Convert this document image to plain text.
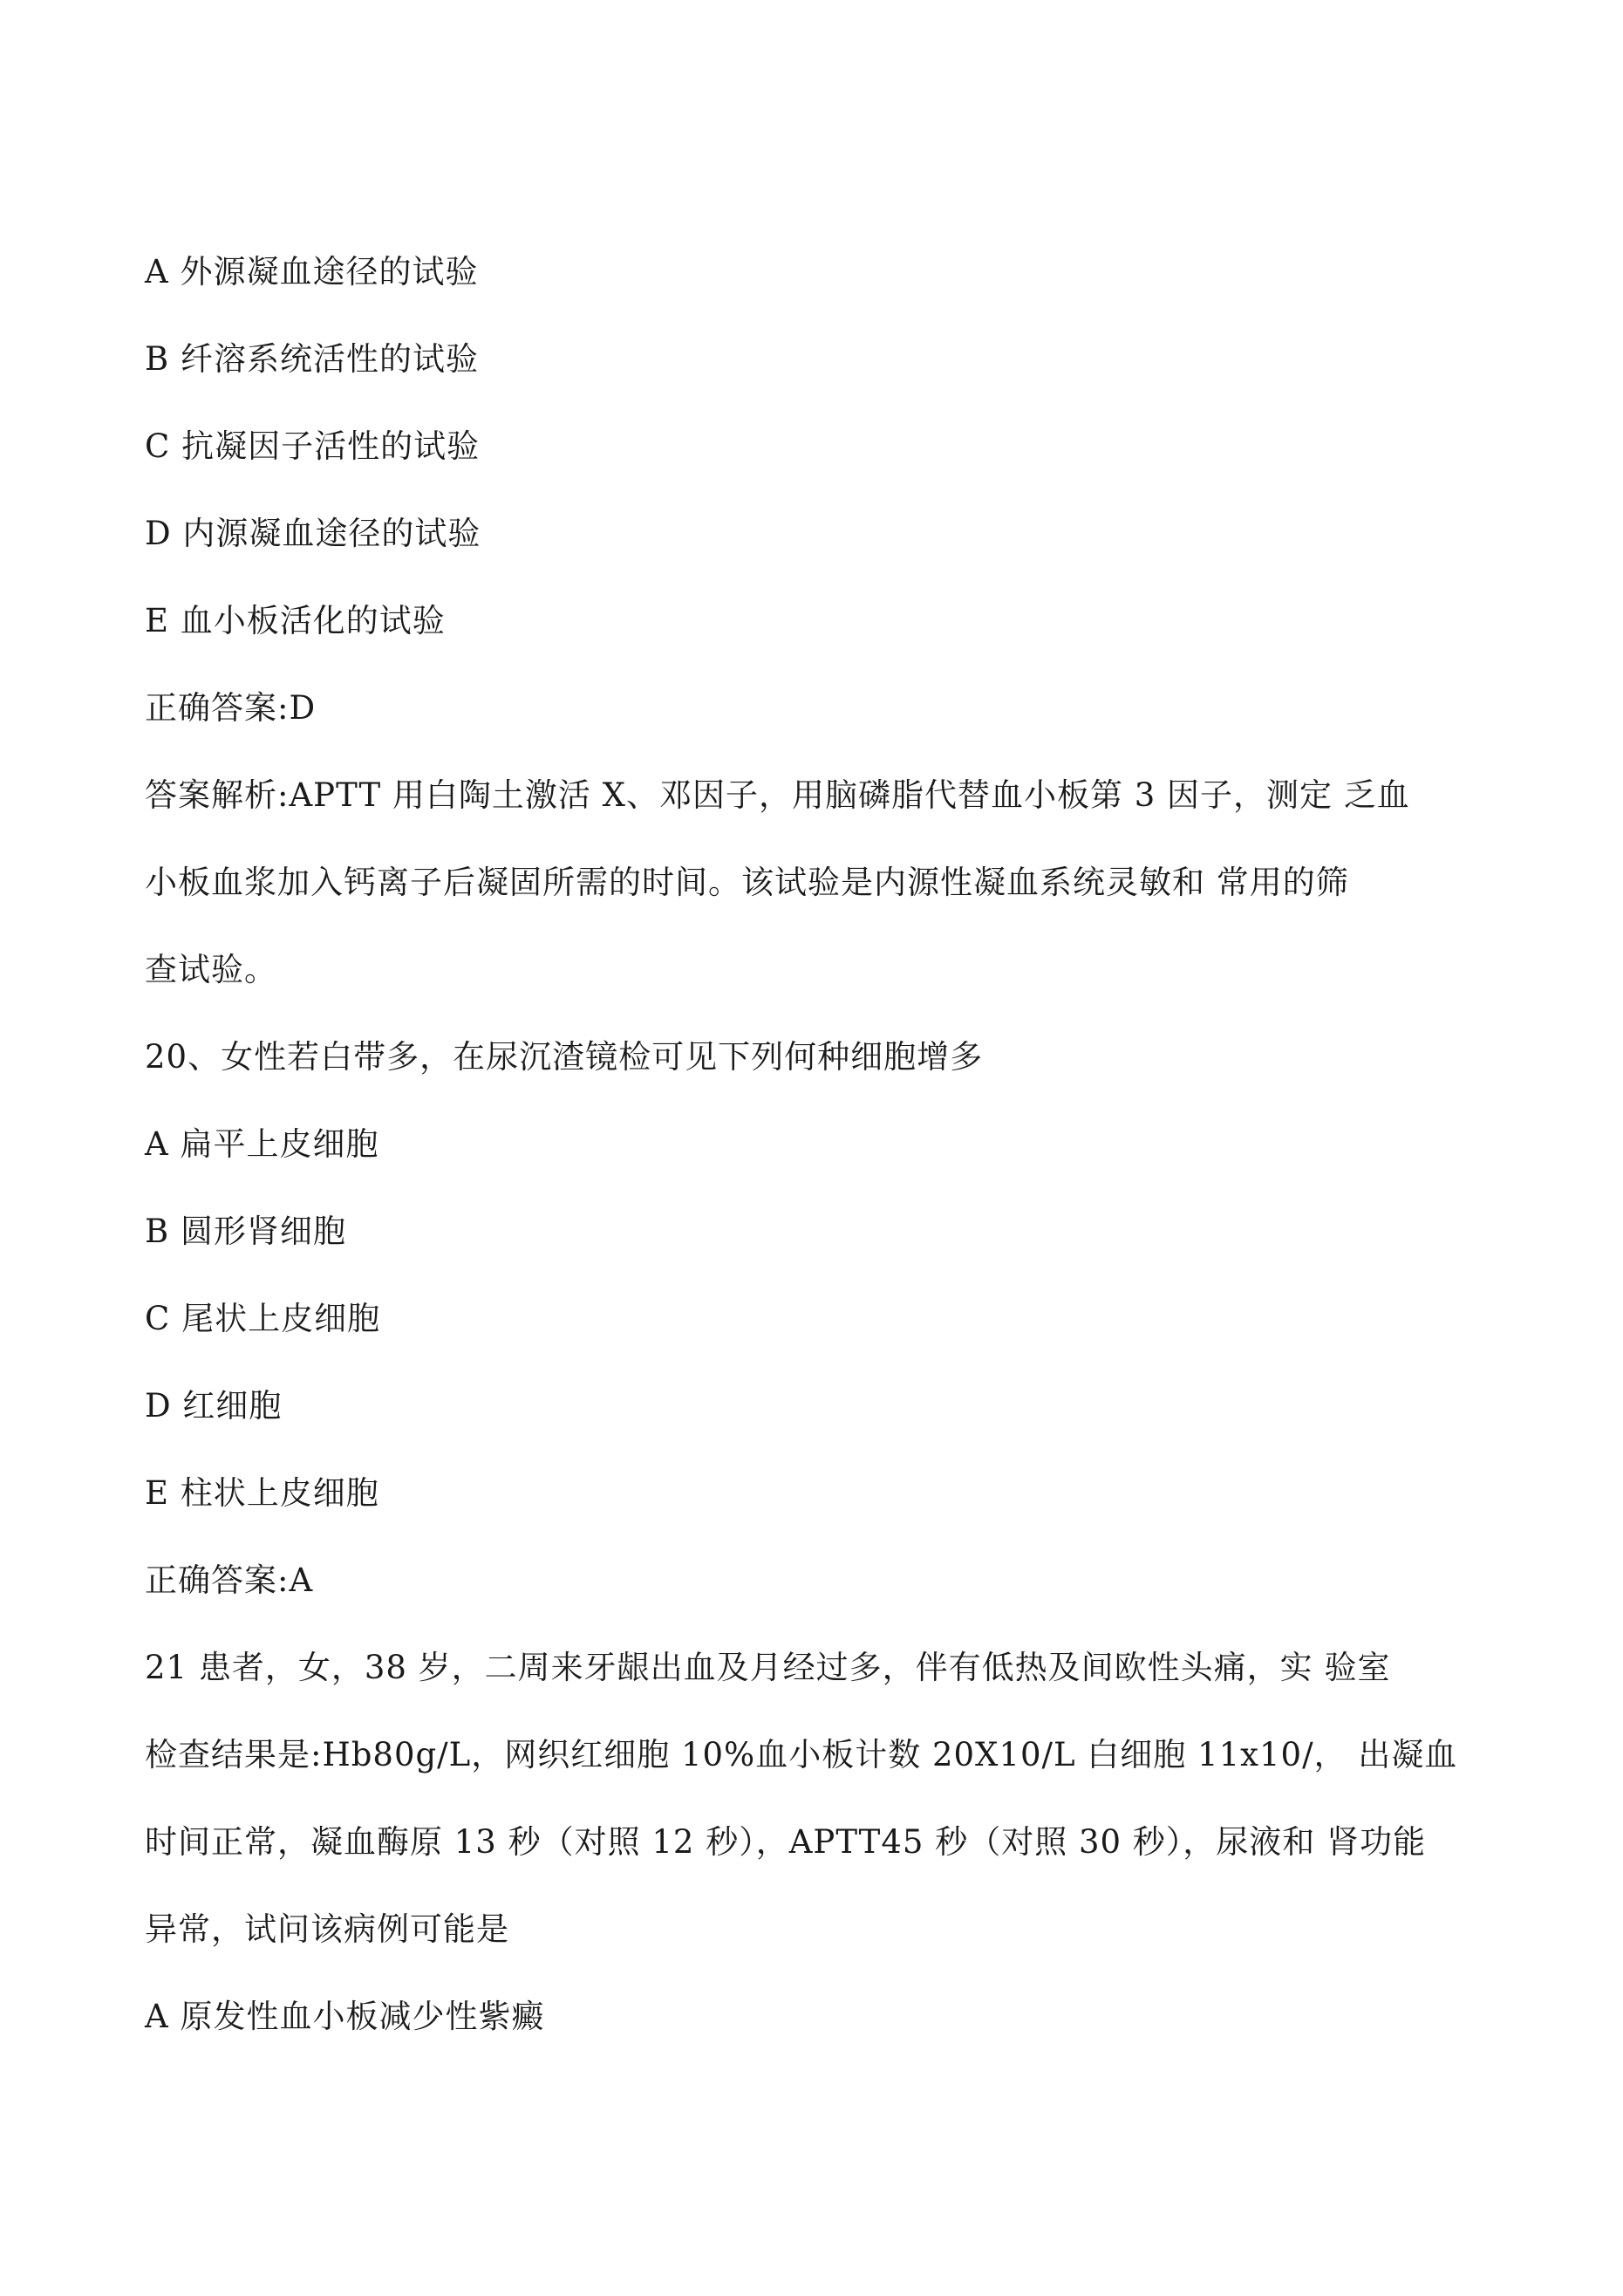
A 外源凝血途径的试验
B 纤溶系统活性的试验
C 抗凝因子活性的试验
D 内源凝血途径的试验
E 血小板活化的试验
正确答案:D
答案解析:APTT 用白陶土激活 X、邓因子，用脑磷脂代替血小板第 3 因子，测定 乏血
小板血浆加入钙离子后凝固所需的时间。该试验是内源性凝血系统灵敏和 常用的筛
查试验。
20、女性若白带多，在尿沉渣镜检可见下列何种细胞增多
A 扁平上皮细胞
B 圆形肾细胞
C 尾状上皮细胞
D 红细胞
E 柱状上皮细胞
正确答案:A
21 患者，女，38 岁，二周来牙龈出血及月经过多，伴有低热及间欧性头痛，实 验室
检查结果是:Hb80g/L，网织红细胞 10%血小板计数 20X10/L 白细胞 11x10/， 出凝血
时间正常，凝血酶原 13 秒（对照 12 秒），APTT45 秒（对照 30 秒），尿液和 肾功能
异常，试问该病例可能是
A 原发性血小板减少性紫癜
